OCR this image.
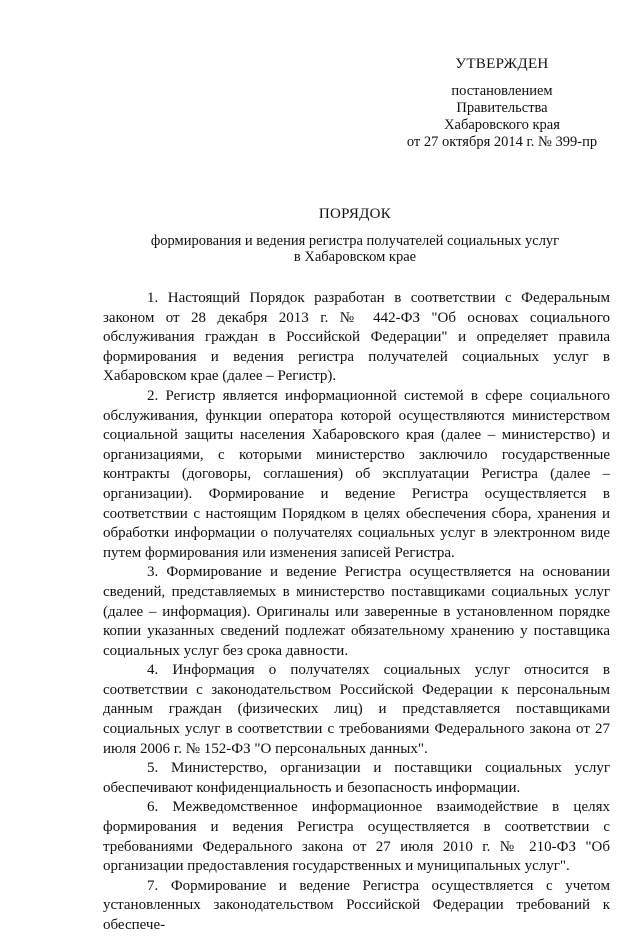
УТВЕРЖДЕН
постановлением
Правительства
Хабаровского края
от 27 октября 2014 г. № 399-пр
ПОРЯДОК
формирования и ведения регистра получателей социальных услуг
в Хабаровском крае

1. Настоящий Порядок разработан в соответствии с Федеральным законом от 28 декабря 2013 г. № 442-ФЗ "Об основах социального обслуживания граждан в Российской Федерации" и определяет правила формирования и ведения регистра получателей социальных услуг в Хабаровском крае (далее – Регистр).

2. Регистр является информационной системой в сфере социального обслуживания, функции оператора которой осуществляются министерством социальной защиты населения Хабаровского края (далее – министерство) и организациями, с которыми министерство заключило государственные контракты (договоры, соглашения) об эксплуатации Регистра (далее – организации). Формирование и ведение Регистра осуществляется в соответствии с настоящим Порядком в целях обеспечения сбора, хранения и обработки информации о получателях социальных услуг в электронном виде путем формирования или изменения записей Регистра.

3. Формирование и ведение Регистра осуществляется на основании сведений, представляемых в министерство поставщиками социальных услуг (далее – информация). Оригиналы или заверенные в установленном порядке копии указанных сведений подлежат обязательному хранению у поставщика социальных услуг без срока давности.

4. Информация о получателях социальных услуг относится в соответствии с законодательством Российской Федерации к персональным данным граждан (физических лиц) и представляется поставщиками социальных услуг в соответствии с требованиями Федерального закона от 27 июля 2006 г. № 152-ФЗ "О персональных данных".

5. Министерство, организации и поставщики социальных услуг обеспечивают конфиденциальность и безопасность информации.

6. Межведомственное информационное взаимодействие в целях формирования и ведения Регистра осуществляется в соответствии с требованиями Федерального закона от 27 июля 2010 г. № 210-ФЗ "Об организации предоставления государственных и муниципальных услуг".

7. Формирование и ведение Регистра осуществляется с учетом установленных законодательством Российской Федерации требований к обеспече-
